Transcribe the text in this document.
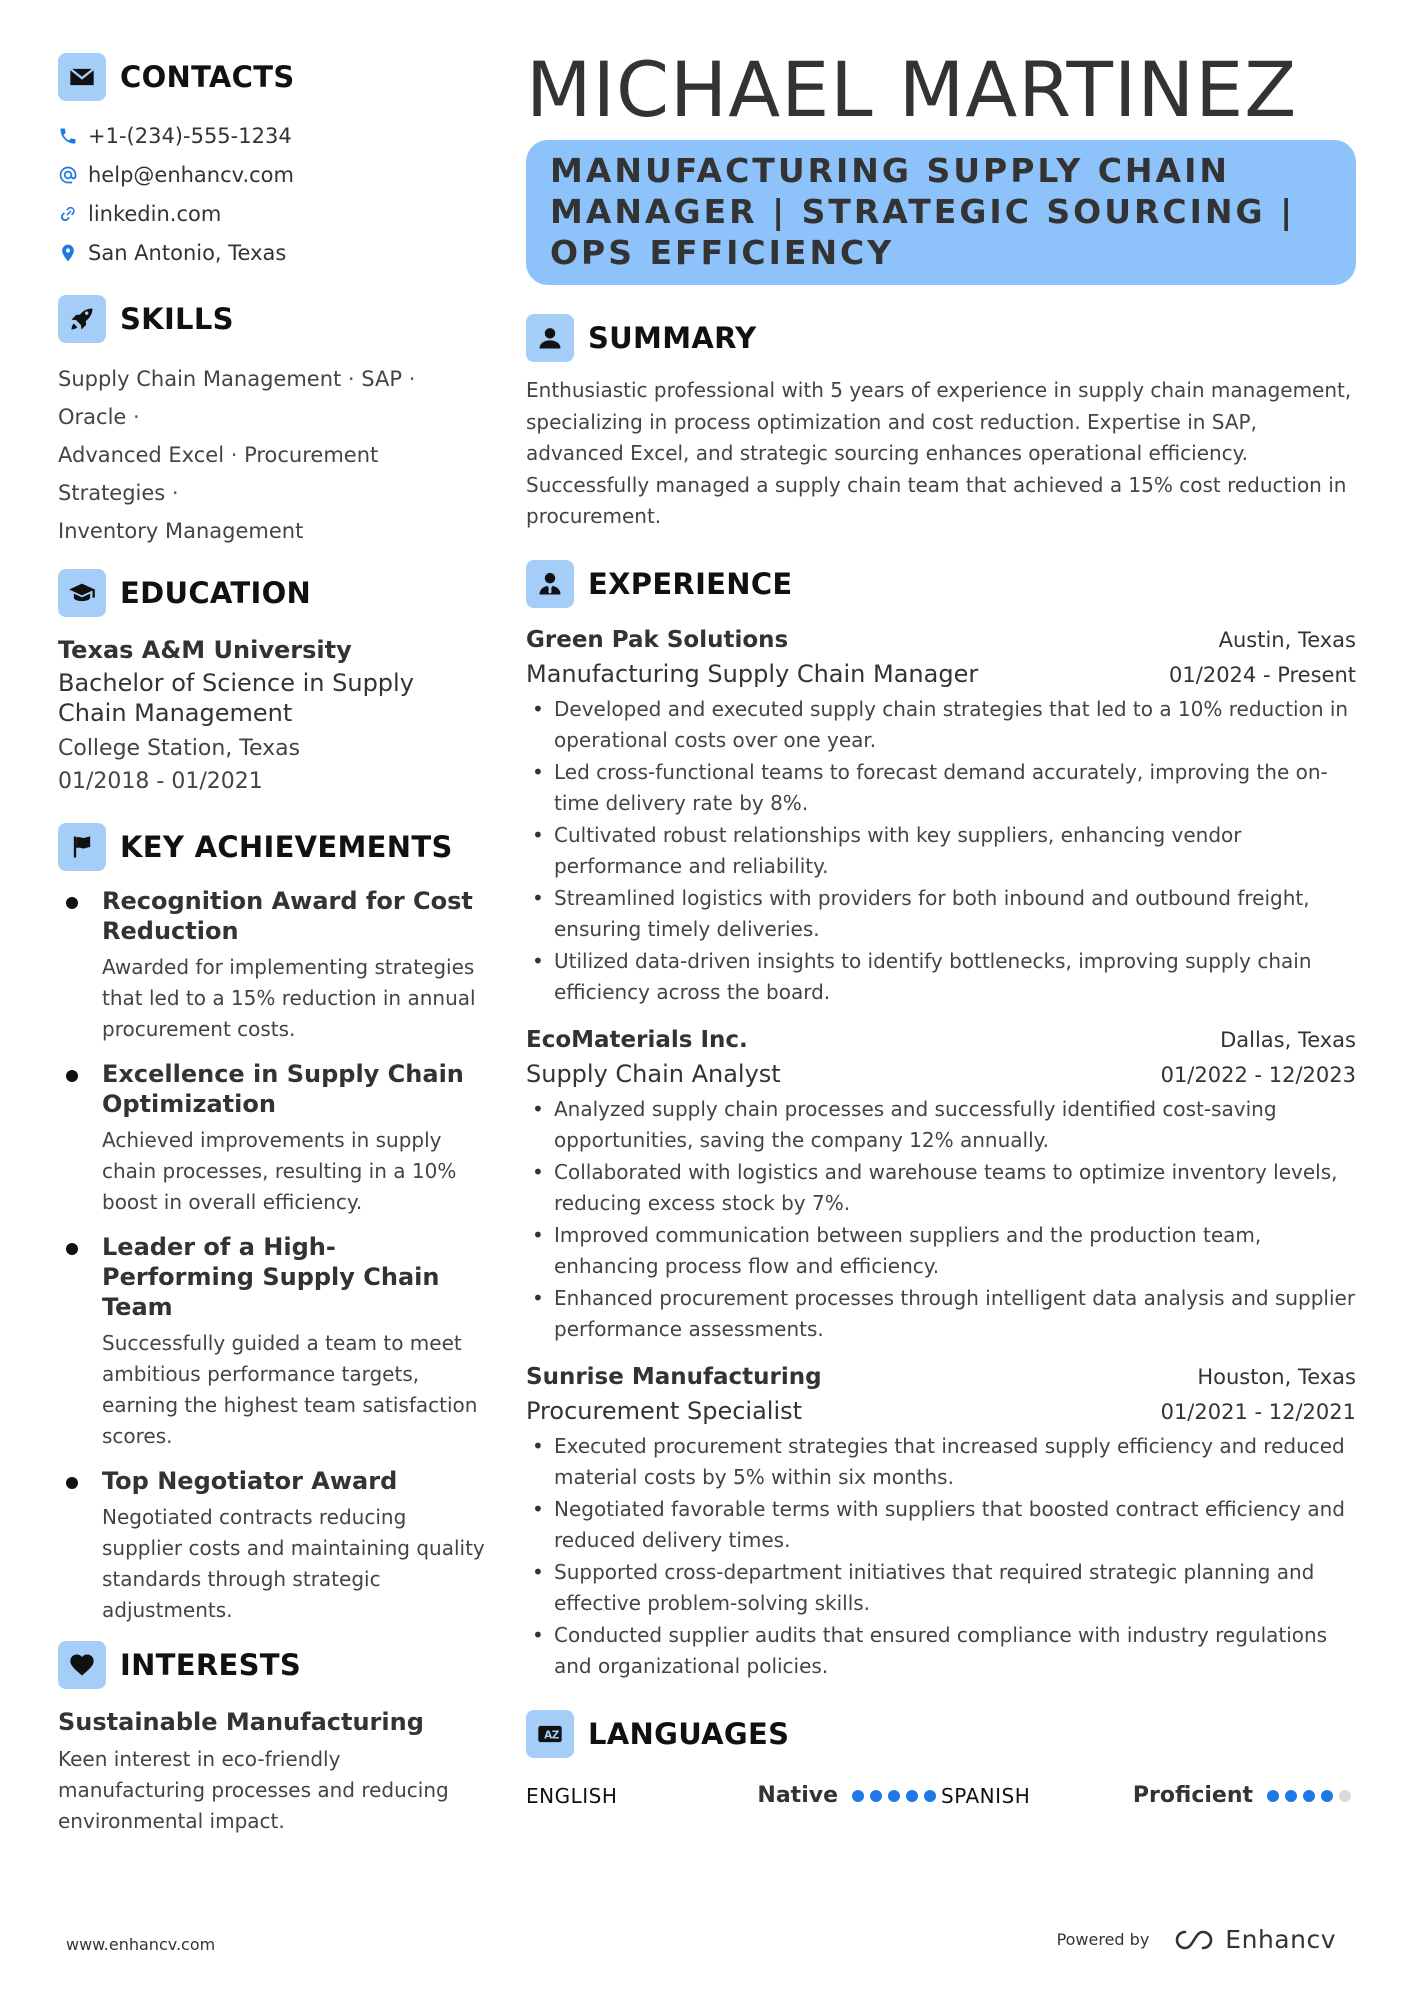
CONTACTS
+1-(234)-555-1234
help@enhancv.com
linkedin.com
San Antonio, Texas
SKILLS
Supply Chain Management · SAP · Oracle ·
Advanced Excel · Procurement Strategies ·
Inventory Management
EDUCATION
Texas A&M University
Bachelor of Science in Supply Chain Management
College Station, Texas
01/2018 - 01/2021
KEY ACHIEVEMENTS
Recognition Award for Cost Reduction
Awarded for implementing strategies that led to a 15% reduction in annual procurement costs.
Excellence in Supply Chain Optimization
Achieved improvements in supply chain processes, resulting in a 10% boost in overall efficiency.
Leader of a High-Performing Supply Chain Team
Successfully guided a team to meet ambitious performance targets, earning the highest team satisfaction scores.
Top Negotiator Award
Negotiated contracts reducing supplier costs and maintaining quality standards through strategic adjustments.
INTERESTS
Sustainable Manufacturing
Keen interest in eco-friendly manufacturing processes and reducing environmental impact.
MICHAEL MARTINEZ
MANUFACTURING SUPPLY CHAIN MANAGER | STRATEGIC SOURCING | OPS EFFICIENCY
SUMMARY
Enthusiastic professional with 5 years of experience in supply chain management, specializing in process optimization and cost reduction. Expertise in SAP, advanced Excel, and strategic sourcing enhances operational efficiency. Successfully managed a supply chain team that achieved a 15% cost reduction in procurement.
EXPERIENCE
Green Pak Solutions	Austin, Texas
Manufacturing Supply Chain Manager	01/2024 - Present
• Developed and executed supply chain strategies that led to a 10% reduction in operational costs over one year.
• Led cross-functional teams to forecast demand accurately, improving the on-time delivery rate by 8%.
• Cultivated robust relationships with key suppliers, enhancing vendor performance and reliability.
• Streamlined logistics with providers for both inbound and outbound freight, ensuring timely deliveries.
• Utilized data-driven insights to identify bottlenecks, improving supply chain efficiency across the board.
EcoMaterials Inc.	Dallas, Texas
Supply Chain Analyst	01/2022 - 12/2023
• Analyzed supply chain processes and successfully identified cost-saving opportunities, saving the company 12% annually.
• Collaborated with logistics and warehouse teams to optimize inventory levels, reducing excess stock by 7%.
• Improved communication between suppliers and the production team, enhancing process flow and efficiency.
• Enhanced procurement processes through intelligent data analysis and supplier performance assessments.
Sunrise Manufacturing	Houston, Texas
Procurement Specialist	01/2021 - 12/2021
• Executed procurement strategies that increased supply efficiency and reduced material costs by 5% within six months.
• Negotiated favorable terms with suppliers that boosted contract efficiency and reduced delivery times.
• Supported cross-department initiatives that required strategic planning and effective problem-solving skills.
• Conducted supplier audits that ensured compliance with industry regulations and organizational policies.
A Z LANGUAGES
ENGLISH	Native	SPANISH	Proficient
www.enhancv.com	Powered by	Enhancv
